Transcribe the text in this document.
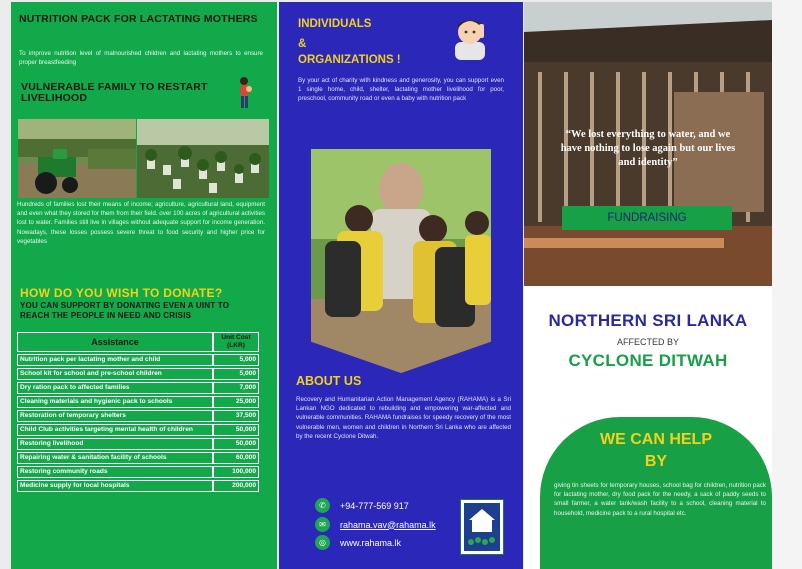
NUTRITION PACK FOR LACTATING MOTHERS
To improve nutrition level of malnourished children and lactating mothers to ensure proper breastfeeding
VULNERABLE FAMILY TO RESTART LIVELIHOOD
Hundreds of families lost their means of income; agriculture, agricultural land, equipment and even what they stored for them from their field. over 100 acres of agricultural activities lost to water. Families still live in villages without adequate support for income generation. Nowadays, these losses possess severe threat to food security and higher price for vegetables
HOW DO YOU WISH TO DONATE?
YOU CAN SUPPORT BY DONATING EVEN A UINT TO REACH THE PEOPLE IN NEED AND CRISIS
Assistance	Unit Cost (LKR)
Nutrition pack per lactating mother and child	5,000
School kit for school and pre-school children	5,000
Dry ration pack to affected families	7,000
Cleaning materials and hygienic pack to schools	25,000
Restoration of temporary shelters	37,500
Child Club activities targeting mental health of children	50,000
Restoring livelihood	50,000
Repairing water & sanitation facility of schools	60,000
Restoring community roads	100,000
Medicine supply for local hospitals	200,000
INDIVIDUALS
&
ORGANIZATIONS !
By your act of charity with kindness and generosity, you can support even 1 single home, child, shelter, lactating mother livelihood for poor, preschool, community road or even a baby with nutrition pack
ABOUT US
Recovery and Humanitarian Action Management Agency (RAHAMA) is a Sri Lankan NGO dedicated to rebuilding and empowering war-affected and vulnerable communities. RAHAMA fundraises for speedy recovery of the most vulnerable men, women and children in Northern Sri Lanka who are affected by the recent Cyclone Ditwah.
✆	+94-777-569 917
✉	rahama.vav@rahama.lk
◎	www.rahama.lk
“We lost everything to water, and we have nothing to lose again but our lives and identity”
FUNDRAISING
NORTHERN SRI LANKA
AFFECTED BY
CYCLONE DITWAH
WE CAN HELP
BY
giving tin sheets for temporary houses, school bag for children, nutrition pack for lactating mother, dry food pack for the needy, a sack of paddy seeds to small farmer, a water tank/wash facility to a school, cleaning material to household, medicine pack to a rural hospital etc.
